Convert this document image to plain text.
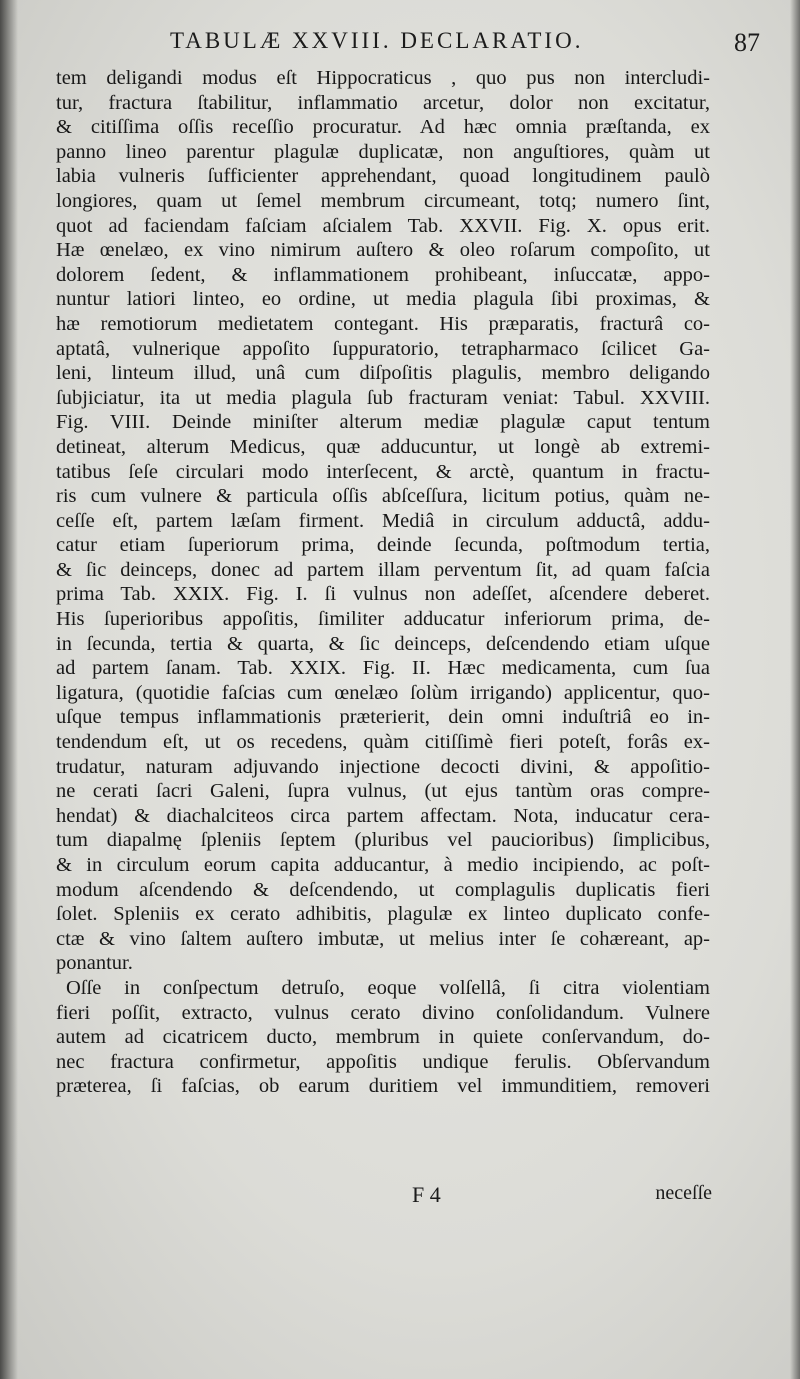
TABULÆ XXVIII. DECLARATIO.	87
tem deligandi modus eſt Hippocraticus , quo pus non intercludi-
tur, fractura ſtabilitur, inflammatio arcetur, dolor non excitatur,
& citiſſima oſſis receſſio procuratur. Ad hæc omnia præſtanda, ex
panno lineo parentur plagulæ duplicatæ, non anguſtiores, quàm ut
labia vulneris ſufficienter apprehendant, quoad longitudinem paulò
longiores, quam ut ſemel membrum circumeant, totq; numero ſint,
quot ad faciendam faſciam aſcialem Tab. XXVII. Fig. X. opus erit.
Hæ œnelæo, ex vino nimirum auſtero & oleo roſarum compoſito, ut
dolorem ſedent, & inflammationem prohibeant, inſuccatæ, appo-
nuntur latiori linteo, eo ordine, ut media plagula ſibi proximas, &
hæ remotiorum medietatem contegant. His præparatis, fracturâ co-
aptatâ, vulnerique appoſito ſuppuratorio, tetrapharmaco ſcilicet Ga-
leni, linteum illud, unâ cum diſpoſitis plagulis, membro deligando
ſubjiciatur, ita ut media plagula ſub fracturam veniat: Tabul. XXVIII.
Fig. VIII. Deinde miniſter alterum mediæ plagulæ caput tentum
detineat, alterum Medicus, quæ adducuntur, ut longè ab extremi-
tatibus ſeſe circulari modo interſecent, & arctè, quantum in fractu-
ris cum vulnere & particula oſſis abſceſſura, licitum potius, quàm ne-
ceſſe eſt, partem læſam firment. Mediâ in circulum adductâ, addu-
catur etiam ſuperiorum prima, deinde ſecunda, poſtmodum tertia,
& ſic deinceps, donec ad partem illam perventum ſit, ad quam faſcia
prima Tab. XXIX. Fig. I. ſi vulnus non adeſſet, aſcendere deberet.
His ſuperioribus appoſitis, ſimiliter adducatur inferiorum prima, de-
in ſecunda, tertia & quarta, & ſic deinceps, deſcendendo etiam uſque
ad partem ſanam. Tab. XXIX. Fig. II. Hæc medicamenta, cum ſua
ligatura, (quotidie faſcias cum œnelæo ſolùm irrigando) applicentur, quo-
uſque tempus inflammationis præterierit, dein omni induſtriâ eo in-
tendendum eſt, ut os recedens, quàm citiſſimè fieri poteſt, forâs ex-
trudatur, naturam adjuvando injectione decocti divini, & appoſitio-
ne cerati ſacri Galeni, ſupra vulnus, (ut ejus tantùm oras compre-
hendat) & diachalciteos circa partem affectam. Nota, inducatur cera-
tum diapalmę ſpleniis ſeptem (pluribus vel paucioribus) ſimplicibus,
& in circulum eorum capita adducantur, à medio incipiendo, ac poſt-
modum aſcendendo & deſcendendo, ut complagulis duplicatis fieri
ſolet. Spleniis ex cerato adhibitis, plagulæ ex linteo duplicato confe-
ctæ & vino ſaltem auſtero imbutæ, ut melius inter ſe cohæreant, ap-
ponantur.
Oſſe in conſpectum detruſo, eoque volſellâ, ſi citra violentiam
fieri poſſit, extracto, vulnus cerato divino conſolidandum. Vulnere
autem ad cicatricem ducto, membrum in quiete conſervandum, do-
nec fractura confirmetur, appoſitis undique ferulis. Obſervandum
præterea, ſi faſcias, ob earum duritiem vel immunditiem, removeri
F 4	neceſſe
